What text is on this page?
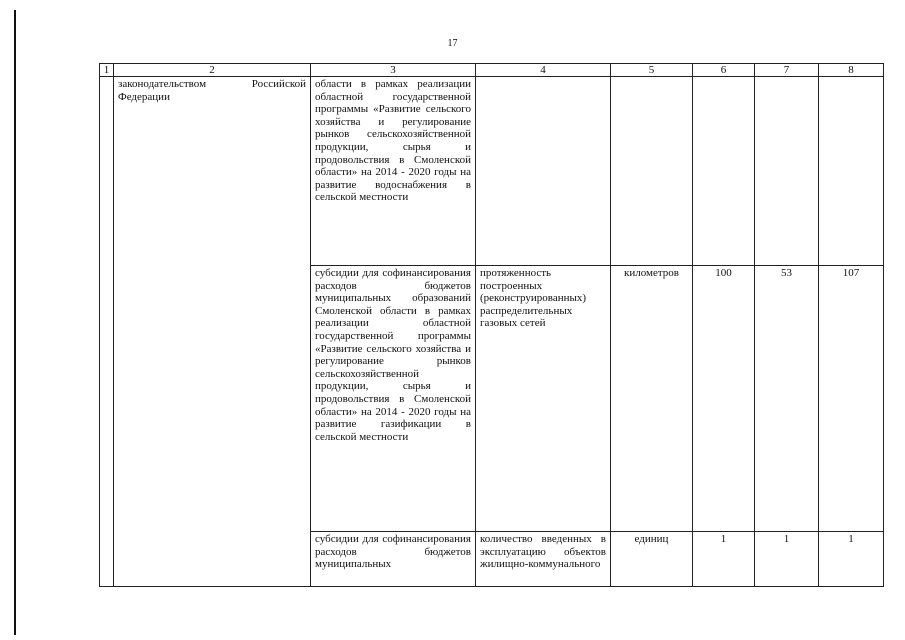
17
1	2	3	4	5	6	7	8

	законодательством Российской Федерации	области в рамках реализации областной государственной программы «Развитие сельского хозяйства и регулирование рынков сельскохозяйственной продукции, сырья и продовольствия в Смоленской области» на 2014 - 2020 годы на развитие водоснабжения в сельской местности					

		субсидии для софинансирования расходов бюджетов муниципальных образований Смоленской области в рамках реализации областной государственной программы «Развитие сельского хозяйства и регулирование рынков сельскохозяйственной продукции, сырья и продовольствия в Смоленской области» на 2014 - 2020 годы на развитие газификации в сельской местности	протяженность построенных (реконструированных) распределительных газовых сетей	километров	100	53	107

		субсидии для софинансирования расходов бюджетов муниципальных	количество введенных в эксплуатацию объектов жилищно-коммунального	единиц	1	1	1
